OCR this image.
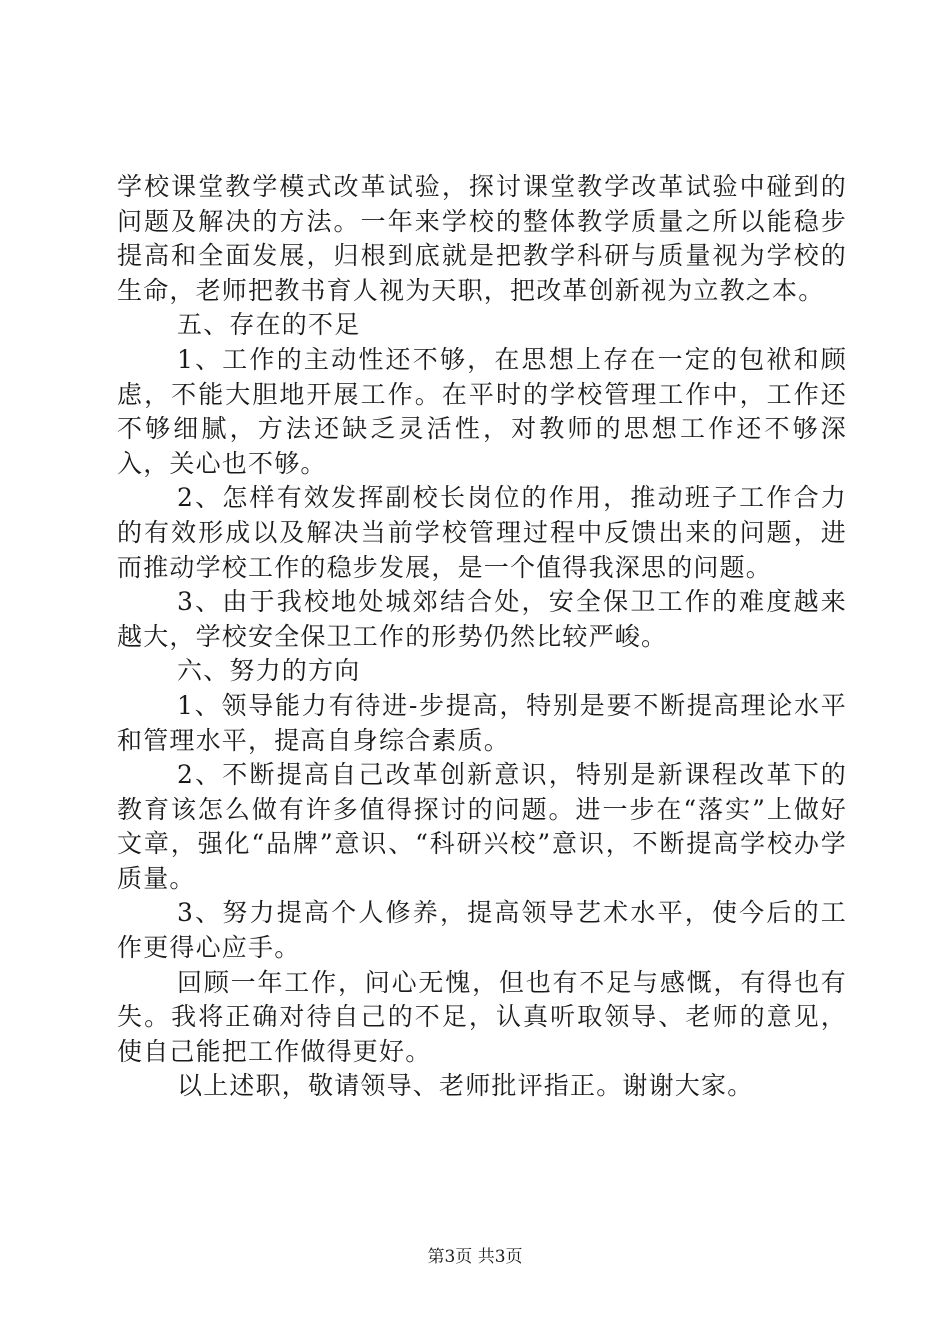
学校课堂教学模式改革试验，探讨课堂教学改革试验中碰到的问题及解决的方法。一年来学校的整体教学质量之所以能稳步提高和全面发展，归根到底就是把教学科研与质量视为学校的生命，老师把教书育人视为天职，把改革创新视为立教之本。

五、存在的不足

1、工作的主动性还不够，在思想上存在一定的包袱和顾虑，不能大胆地开展工作。在平时的学校管理工作中，工作还不够细腻，方法还缺乏灵活性，对教师的思想工作还不够深入，关心也不够。

2、怎样有效发挥副校长岗位的作用，推动班子工作合力的有效形成以及解决当前学校管理过程中反馈出来的问题，进而推动学校工作的稳步发展，是一个值得我深思的问题。

3、由于我校地处城郊结合处，安全保卫工作的难度越来越大，学校安全保卫工作的形势仍然比较严峻。

六、努力的方向

1、领导能力有待进-步提高，特别是要不断提高理论水平和管理水平，提高自身综合素质。

2、不断提高自己改革创新意识，特别是新课程改革下的教育该怎么做有许多值得探讨的问题。进一步在“落实”上做好文章，强化“品牌”意识、“科研兴校”意识，不断提高学校办学质量。

3、努力提高个人修养，提高领导艺术水平，使今后的工作更得心应手。

回顾一年工作，问心无愧，但也有不足与感慨，有得也有失。我将正确对待自己的不足，认真听取领导、老师的意见，使自己能把工作做得更好。

以上述职，敬请领导、老师批评指正。谢谢大家。

第3页 共3页
